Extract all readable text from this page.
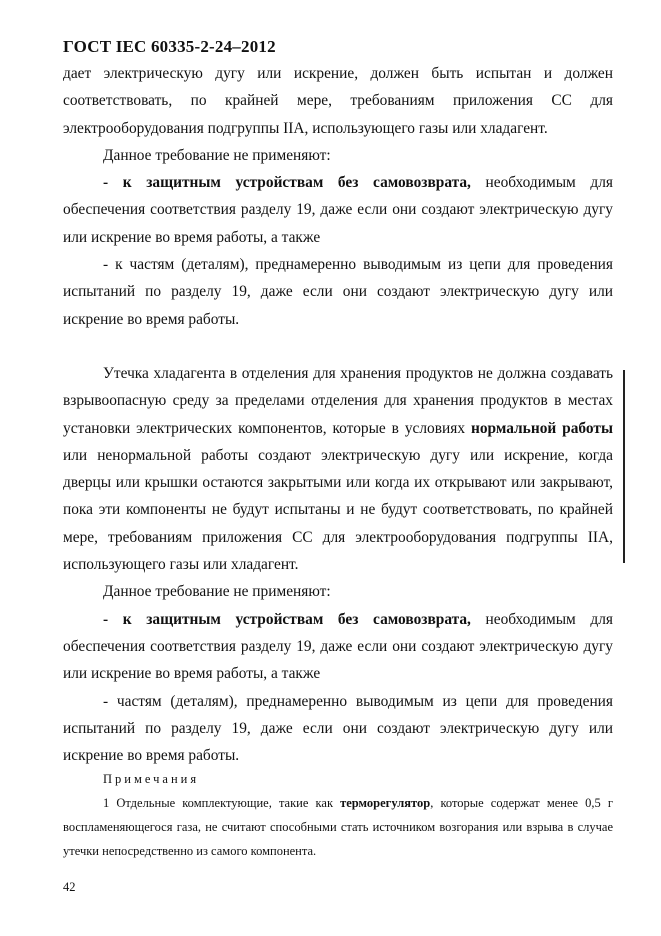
ГОСТ IEC 60335-2-24–2012

дает электрическую дугу или искрение, должен быть испытан и должен соответствовать, по крайней мере, требованиям приложения СС для электрооборудования подгруппы IIA, использующего газы или хладагент.

Данное требование не применяют:

- к защитным устройствам без самовозврата, необходимым для обеспечения соответствия разделу 19, даже если они создают электрическую дугу или искрение во время работы, а также

- к частям (деталям), преднамеренно выводимым из цепи для проведения испытаний по разделу 19, даже если они создают электрическую дугу или искрение во время работы.

Утечка хладагента в отделения для хранения продуктов не должна создавать взрывоопасную среду за пределами отделения для хранения продуктов в местах установки электрических компонентов, которые в условиях нормальной работы или ненормальной работы создают электрическую дугу или искрение, когда дверцы или крышки остаются закрытыми или когда их открывают или закрывают, пока эти компоненты не будут испытаны и не будут соответствовать, по крайней мере, требованиям приложения СС для электрооборудования подгруппы IIA, использующего газы или хладагент.

Данное требование не применяют:

- к защитным устройствам без самовозврата, необходимым для обеспечения соответствия разделу 19, даже если они создают электрическую дугу или искрение во время работы, а также

- частям (деталям), преднамеренно выводимым из цепи для проведения испытаний по разделу 19, даже если они создают электрическую дугу или искрение во время работы.

Примечания

1 Отдельные комплектующие, такие как терморегулятор, которые содержат менее 0,5 г воспламеняющегося газа, не считают способными стать источником возгорания или взрыва в случае утечки непосредственно из самого компонента.

42
